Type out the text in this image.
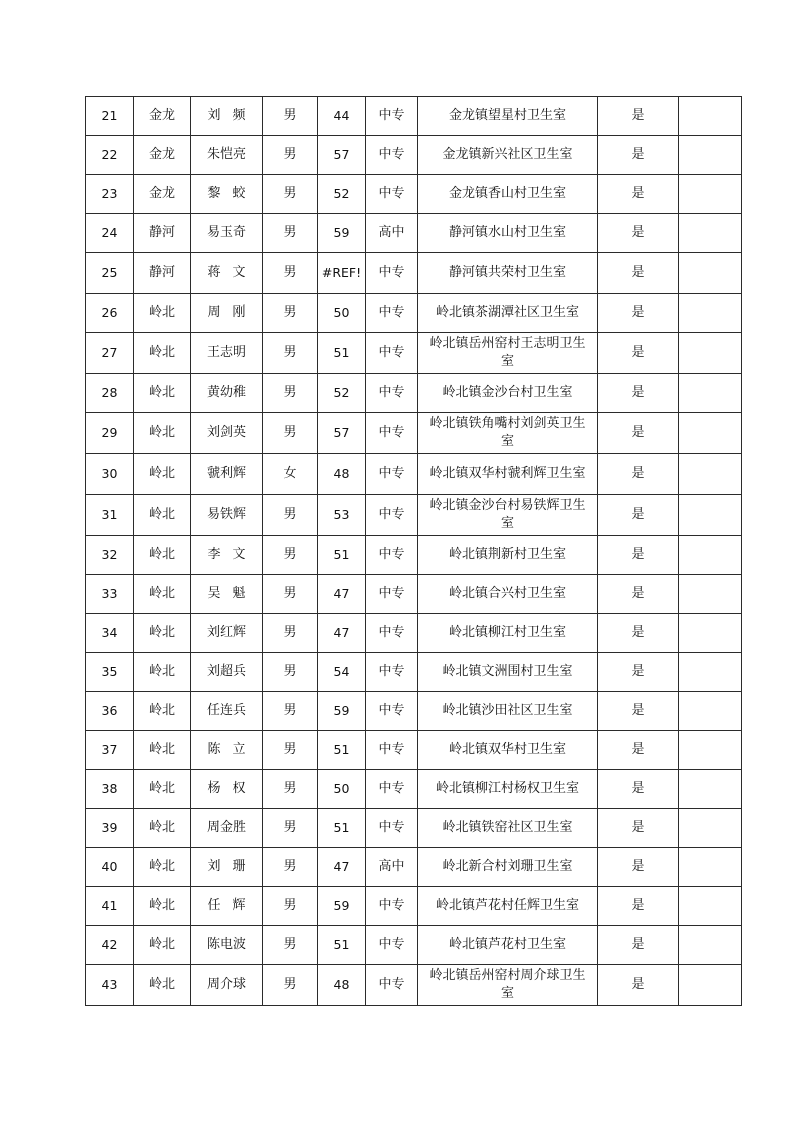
21	金龙	刘频	男	44	中专	金龙镇望星村卫生室	是	
22	金龙	朱恺亮	男	57	中专	金龙镇新兴社区卫生室	是	
23	金龙	黎蛟	男	52	中专	金龙镇香山村卫生室	是	
24	静河	易玉奇	男	59	高中	静河镇水山村卫生室	是	
25	静河	蒋文	男	#REF!	中专	静河镇共荣村卫生室	是	
26	岭北	周刚	男	50	中专	岭北镇茶湖潭社区卫生室	是	
27	岭北	王志明	男	51	中专	岭北镇岳州窑村王志明卫生室	是	
28	岭北	黄幼稚	男	52	中专	岭北镇金沙台村卫生室	是	
29	岭北	刘剑英	男	57	中专	岭北镇铁角嘴村刘剑英卫生室	是	
30	岭北	虢利辉	女	48	中专	岭北镇双华村虢利辉卫生室	是	
31	岭北	易铁辉	男	53	中专	岭北镇金沙台村易铁辉卫生室	是	
32	岭北	李文	男	51	中专	岭北镇荆新村卫生室	是	
33	岭北	吴魁	男	47	中专	岭北镇合兴村卫生室	是	
34	岭北	刘红辉	男	47	中专	岭北镇柳江村卫生室	是	
35	岭北	刘超兵	男	54	中专	岭北镇文洲围村卫生室	是	
36	岭北	任连兵	男	59	中专	岭北镇沙田社区卫生室	是	
37	岭北	陈立	男	51	中专	岭北镇双华村卫生室	是	
38	岭北	杨权	男	50	中专	岭北镇柳江村杨权卫生室	是	
39	岭北	周金胜	男	51	中专	岭北镇铁窑社区卫生室	是	
40	岭北	刘珊	男	47	高中	岭北新合村刘珊卫生室	是	
41	岭北	任辉	男	59	中专	岭北镇芦花村任辉卫生室	是	
42	岭北	陈电波	男	51	中专	岭北镇芦花村卫生室	是	
43	岭北	周介球	男	48	中专	岭北镇岳州窑村周介球卫生室	是	
